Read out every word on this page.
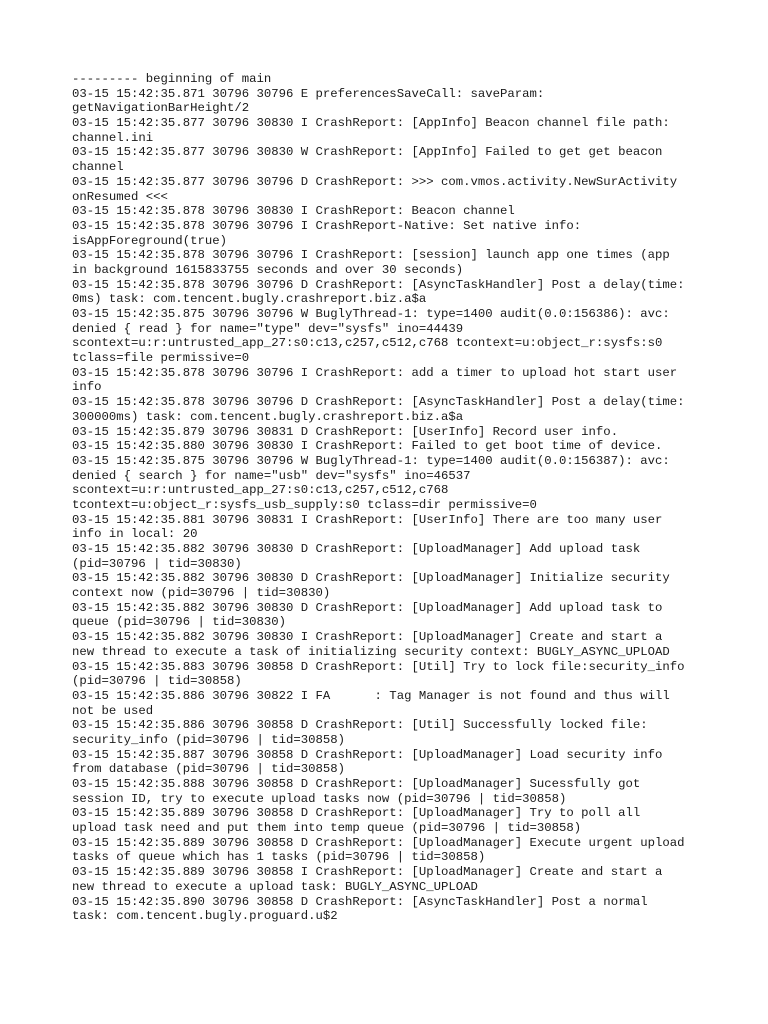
--------- beginning of main
03-15 15:42:35.871 30796 30796 E preferencesSaveCall: saveParam:
getNavigationBarHeight/2
03-15 15:42:35.877 30796 30830 I CrashReport: [AppInfo] Beacon channel file path:
channel.ini
03-15 15:42:35.877 30796 30830 W CrashReport: [AppInfo] Failed to get get beacon
channel
03-15 15:42:35.877 30796 30796 D CrashReport: >>> com.vmos.activity.NewSurActivity
onResumed <<<
03-15 15:42:35.878 30796 30830 I CrashReport: Beacon channel
03-15 15:42:35.878 30796 30796 I CrashReport-Native: Set native info:
isAppForeground(true)
03-15 15:42:35.878 30796 30796 I CrashReport: [session] launch app one times (app
in background 1615833755 seconds and over 30 seconds)
03-15 15:42:35.878 30796 30796 D CrashReport: [AsyncTaskHandler] Post a delay(time:
0ms) task: com.tencent.bugly.crashreport.biz.a$a
03-15 15:42:35.875 30796 30796 W BuglyThread-1: type=1400 audit(0.0:156386): avc:
denied { read } for name="type" dev="sysfs" ino=44439
scontext=u:r:untrusted_app_27:s0:c13,c257,c512,c768 tcontext=u:object_r:sysfs:s0
tclass=file permissive=0
03-15 15:42:35.878 30796 30796 I CrashReport: add a timer to upload hot start user
info
03-15 15:42:35.878 30796 30796 D CrashReport: [AsyncTaskHandler] Post a delay(time:
300000ms) task: com.tencent.bugly.crashreport.biz.a$a
03-15 15:42:35.879 30796 30831 D CrashReport: [UserInfo] Record user info.
03-15 15:42:35.880 30796 30830 I CrashReport: Failed to get boot time of device.
03-15 15:42:35.875 30796 30796 W BuglyThread-1: type=1400 audit(0.0:156387): avc:
denied { search } for name="usb" dev="sysfs" ino=46537
scontext=u:r:untrusted_app_27:s0:c13,c257,c512,c768
tcontext=u:object_r:sysfs_usb_supply:s0 tclass=dir permissive=0
03-15 15:42:35.881 30796 30831 I CrashReport: [UserInfo] There are too many user
info in local: 20
03-15 15:42:35.882 30796 30830 D CrashReport: [UploadManager] Add upload task
(pid=30796 | tid=30830)
03-15 15:42:35.882 30796 30830 D CrashReport: [UploadManager] Initialize security
context now (pid=30796 | tid=30830)
03-15 15:42:35.882 30796 30830 D CrashReport: [UploadManager] Add upload task to
queue (pid=30796 | tid=30830)
03-15 15:42:35.882 30796 30830 I CrashReport: [UploadManager] Create and start a
new thread to execute a task of initializing security context: BUGLY_ASYNC_UPLOAD
03-15 15:42:35.883 30796 30858 D CrashReport: [Util] Try to lock file:security_info
(pid=30796 | tid=30858)
03-15 15:42:35.886 30796 30822 I FA      : Tag Manager is not found and thus will
not be used
03-15 15:42:35.886 30796 30858 D CrashReport: [Util] Successfully locked file:
security_info (pid=30796 | tid=30858)
03-15 15:42:35.887 30796 30858 D CrashReport: [UploadManager] Load security info
from database (pid=30796 | tid=30858)
03-15 15:42:35.888 30796 30858 D CrashReport: [UploadManager] Sucessfully got
session ID, try to execute upload tasks now (pid=30796 | tid=30858)
03-15 15:42:35.889 30796 30858 D CrashReport: [UploadManager] Try to poll all
upload task need and put them into temp queue (pid=30796 | tid=30858)
03-15 15:42:35.889 30796 30858 D CrashReport: [UploadManager] Execute urgent upload
tasks of queue which has 1 tasks (pid=30796 | tid=30858)
03-15 15:42:35.889 30796 30858 I CrashReport: [UploadManager] Create and start a
new thread to execute a upload task: BUGLY_ASYNC_UPLOAD
03-15 15:42:35.890 30796 30858 D CrashReport: [AsyncTaskHandler] Post a normal
task: com.tencent.bugly.proguard.u$2
